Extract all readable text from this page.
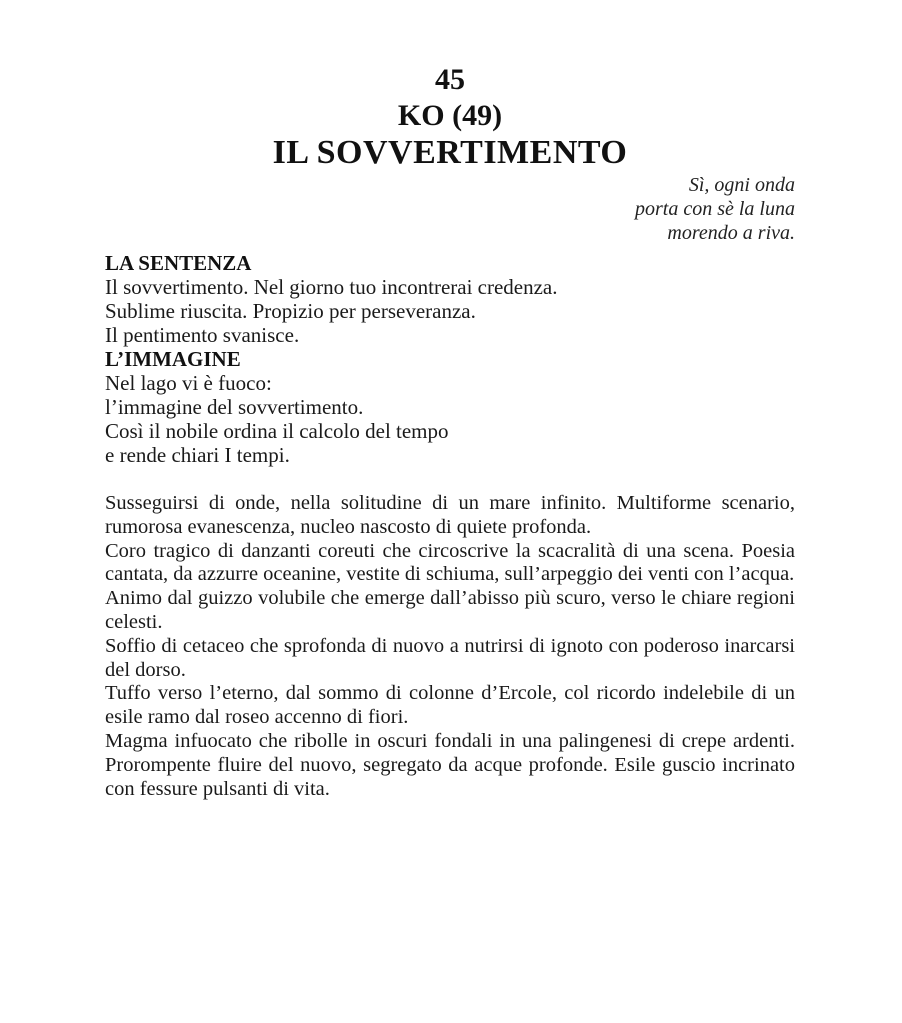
45
KO (49)
IL SOVVERTIMENTO
Sì, ogni onda
porta con sè la luna
morendo a riva.
LA SENTENZA
Il sovvertimento. Nel giorno tuo incontrerai credenza.
Sublime riuscita. Propizio per perseveranza.
Il pentimento svanisce.
L’IMMAGINE
Nel lago vi è fuoco:
l’immagine del sovvertimento.
Così il nobile ordina il calcolo del tempo
e rende chiari I tempi.

Susseguirsi di onde, nella solitudine di un mare infinito. Multiforme scenario, rumorosa evanescenza, nucleo nascosto di quiete profonda.

Coro tragico di danzanti coreuti che circoscrive la scacralità di una scena. Poesia cantata, da azzurre oceanine, vestite di schiuma, sull’arpeggio dei venti con l’acqua.

Animo dal guizzo volubile che emerge dall’abisso più scuro, verso le chiare regioni celesti.

Soffio di cetaceo che sprofonda di nuovo a nutrirsi di ignoto con poderoso inarcarsi del dorso.

Tuffo verso l’eterno, dal sommo di colonne d’Ercole, col ricordo indelebile di un esile ramo dal roseo accenno di fiori.

Magma infuocato che ribolle in oscuri fondali in una palingenesi di crepe ardenti. Prorompente fluire del nuovo, segregato da acque profonde. Esile guscio incrinato con fessure pulsanti di vita.
